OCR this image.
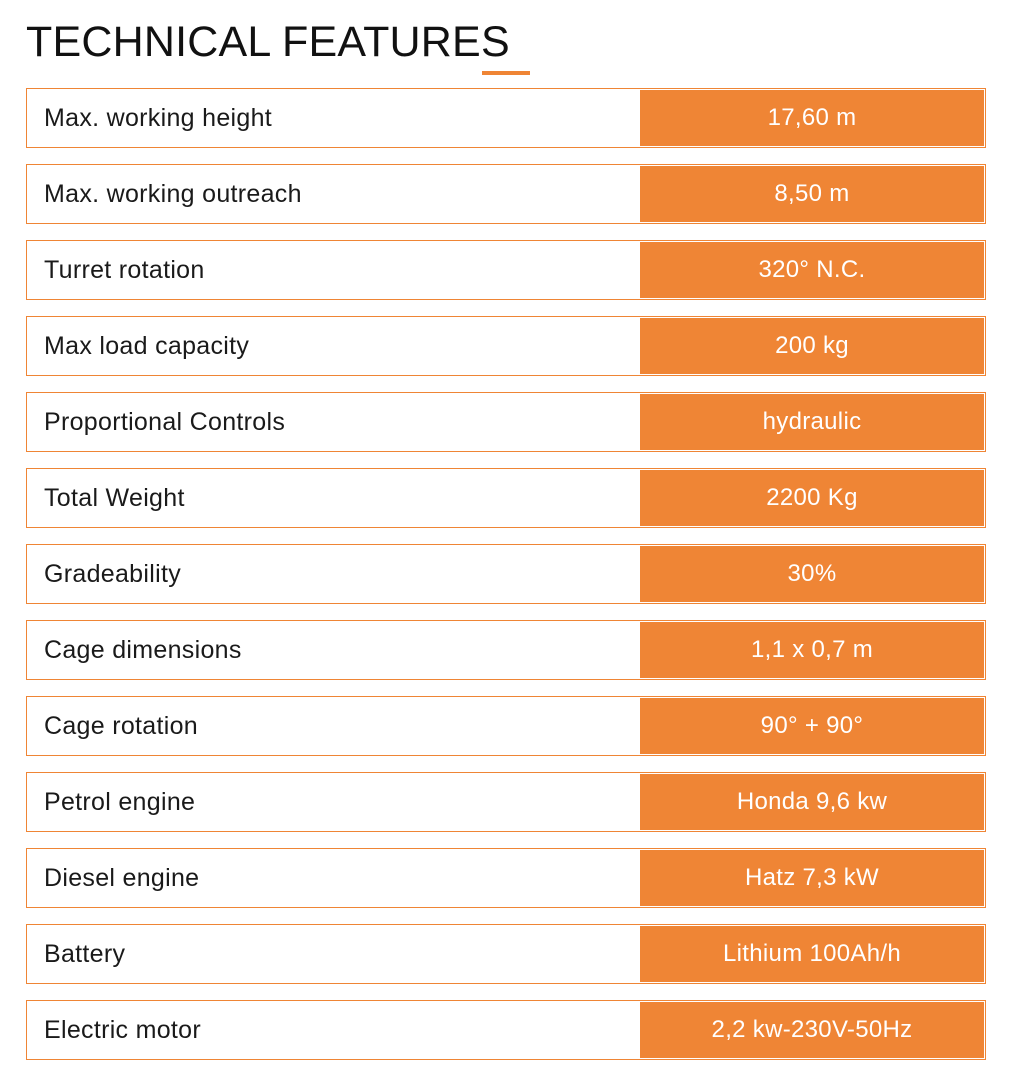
TECHNICAL FEATURES
Max. working height	17,60 m
Max. working outreach	8,50 m
Turret rotation	320° N.C.
Max load capacity	200 kg
Proportional Controls	hydraulic
Total Weight	2200 Kg
Gradeability	30%
Cage dimensions	1,1 x 0,7 m
Cage rotation	90° + 90°
Petrol engine	Honda 9,6 kw
Diesel engine	Hatz 7,3 kW
Battery	Lithium 100Ah/h
Electric motor	2,2 kw-230V-50Hz
